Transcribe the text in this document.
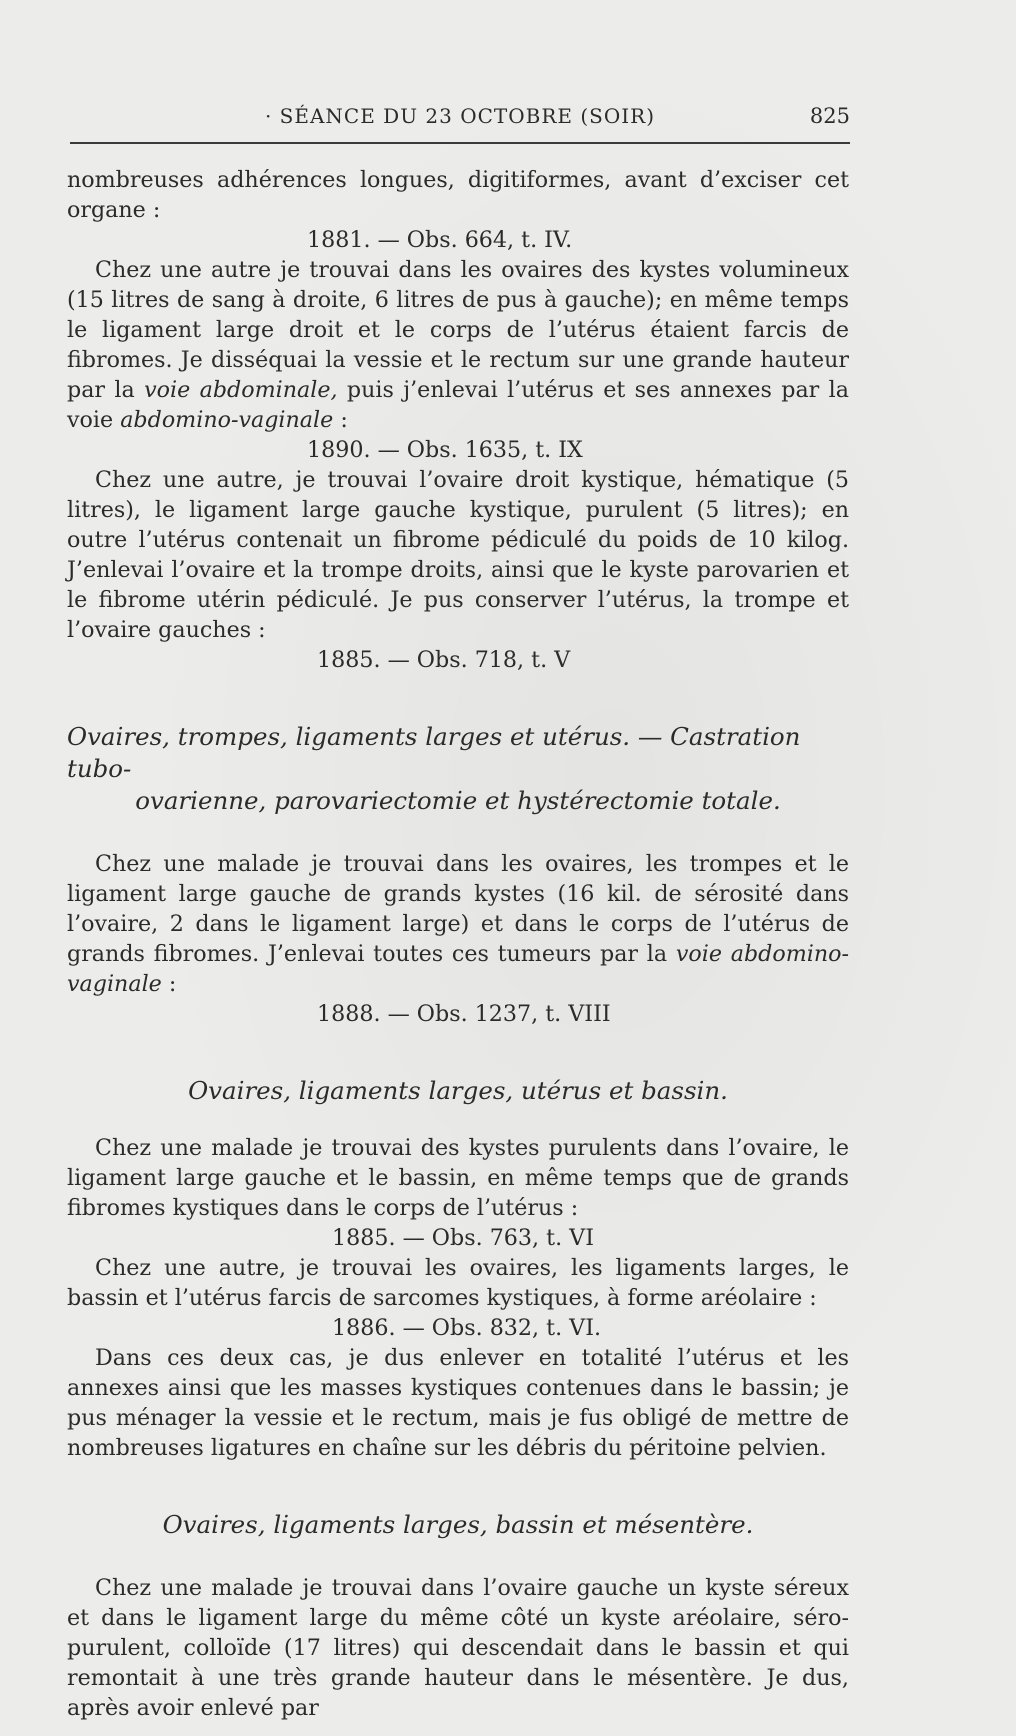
· SÉANCE DU 23 OCTOBRE (SOIR)	825

nombreuses adhérences longues, digitiformes, avant d’exciser cet organe :

1881. — Obs. 664, t. IV.

Chez une autre je trouvai dans les ovaires des kystes volumineux (15 litres de sang à droite, 6 litres de pus à gauche); en même temps le ligament large droit et le corps de l’utérus étaient farcis de fibromes. Je disséquai la vessie et le rectum sur une grande hauteur par la voie abdominale, puis j’enlevai l’utérus et ses annexes par la voie abdomino-vaginale :

1890. — Obs. 1635, t. IX

Chez une autre, je trouvai l’ovaire droit kystique, hématique (5 litres), le ligament large gauche kystique, purulent (5 litres); en outre l’utérus contenait un fibrome pédiculé du poids de 10 kilog. J’enlevai l’ovaire et la trompe droits, ainsi que le kyste parovarien et le fibrome utérin pédiculé. Je pus conserver l’utérus, la trompe et l’ovaire gauches :

1885. — Obs. 718, t. V

Ovaires, trompes, ligaments larges et utérus. — Castration tubo-
ovarienne, parovariectomie et hystérectomie totale.

Chez une malade je trouvai dans les ovaires, les trompes et le ligament large gauche de grands kystes (16 kil. de sérosité dans l’ovaire, 2 dans le ligament large) et dans le corps de l’utérus de grands fibromes. J’enlevai toutes ces tumeurs par la voie abdomino-vaginale :

1888. — Obs. 1237, t. VIII

Ovaires, ligaments larges, utérus et bassin.

Chez une malade je trouvai des kystes purulents dans l’ovaire, le ligament large gauche et le bassin, en même temps que de grands fibromes kystiques dans le corps de l’utérus :

1885. — Obs. 763, t. VI

Chez une autre, je trouvai les ovaires, les ligaments larges, le bassin et l’utérus farcis de sarcomes kystiques, à forme aréolaire :

1886. — Obs. 832, t. VI.

Dans ces deux cas, je dus enlever en totalité l’utérus et les annexes ainsi que les masses kystiques contenues dans le bassin; je pus ménager la vessie et le rectum, mais je fus obligé de mettre de nombreuses ligatures en chaîne sur les débris du péritoine pelvien.

Ovaires, ligaments larges, bassin et mésentère.

Chez une malade je trouvai dans l’ovaire gauche un kyste séreux et dans le ligament large du même côté un kyste aréolaire, séro-purulent, colloïde (17 litres) qui descendait dans le bassin et qui remontait à une très grande hauteur dans le mésentère. Je dus, après avoir enlevé par
